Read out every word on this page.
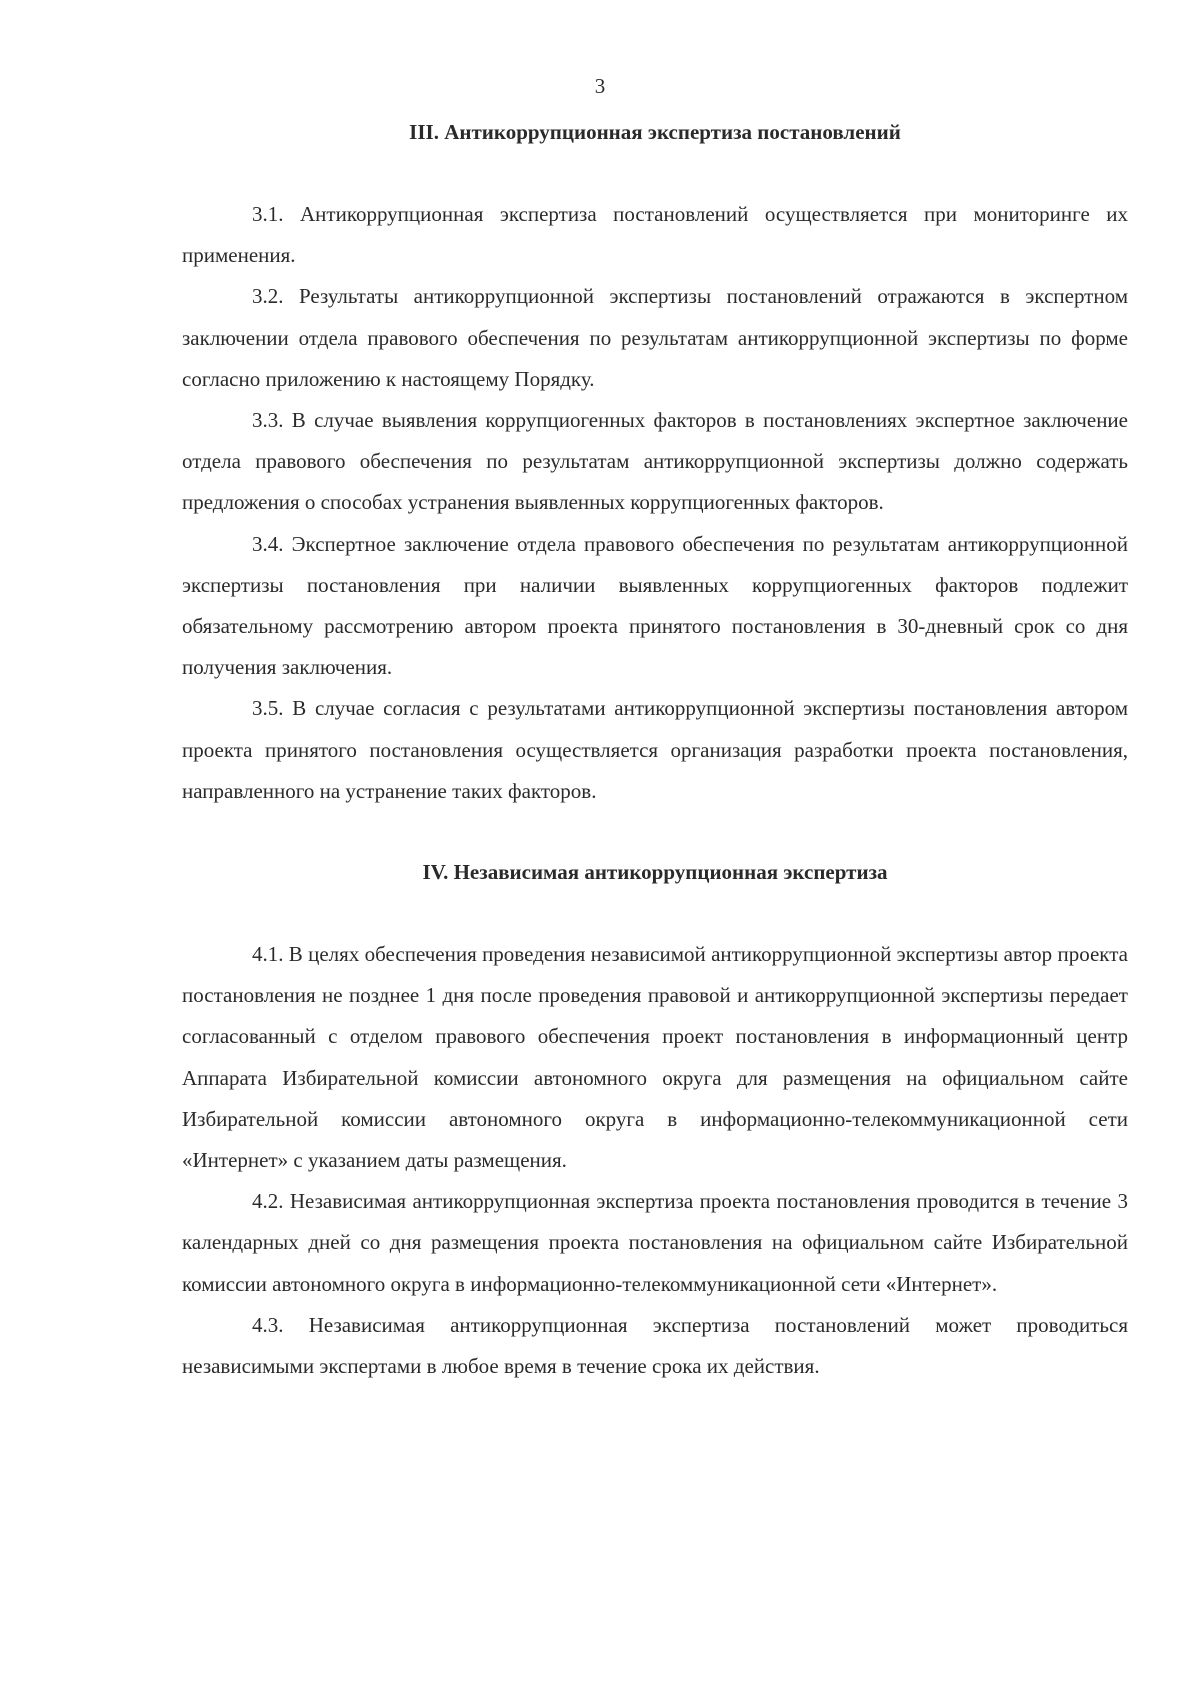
3
III. Антикоррупционная экспертиза постановлений

3.1. Антикоррупционная экспертиза постановлений осуществляется при мониторинге их применения.

3.2. Результаты антикоррупционной экспертизы постановлений отражаются в экспертном заключении отдела правового обеспечения по результатам антикоррупционной экспертизы по форме согласно приложению к настоящему Порядку.

3.3. В случае выявления коррупциогенных факторов в постановлениях экспертное заключение отдела правового обеспечения по результатам антикоррупционной экспертизы должно содержать предложения о способах устранения выявленных коррупциогенных факторов.

3.4. Экспертное заключение отдела правового обеспечения по результатам антикоррупционной экспертизы постановления при наличии выявленных коррупциогенных факторов подлежит обязательному рассмотрению автором проекта принятого постановления в 30-дневный срок со дня получения заключения.

3.5. В случае согласия с результатами антикоррупционной экспертизы постановления автором проекта принятого постановления осуществляется организация разработки проекта постановления, направленного на устранение таких факторов.

IV. Независимая антикоррупционная экспертиза

4.1. В целях обеспечения проведения независимой антикоррупционной экспертизы автор проекта постановления не позднее 1 дня после проведения правовой и антикоррупционной экспертизы передает согласованный с отделом правового обеспечения проект постановления в информационный центр Аппарата Избирательной комиссии автономного округа для размещения на официальном сайте Избирательной комиссии автономного округа в информационно-телекоммуникационной сети «Интернет» с указанием даты размещения.

4.2. Независимая антикоррупционная экспертиза проекта постановления проводится в течение 3 календарных дней со дня размещения проекта постановления на официальном сайте Избирательной комиссии автономного округа в информационно-телекоммуникационной сети «Интернет».

4.3. Независимая антикоррупционная экспертиза постановлений может проводиться независимыми экспертами в любое время в течение срока их действия.
